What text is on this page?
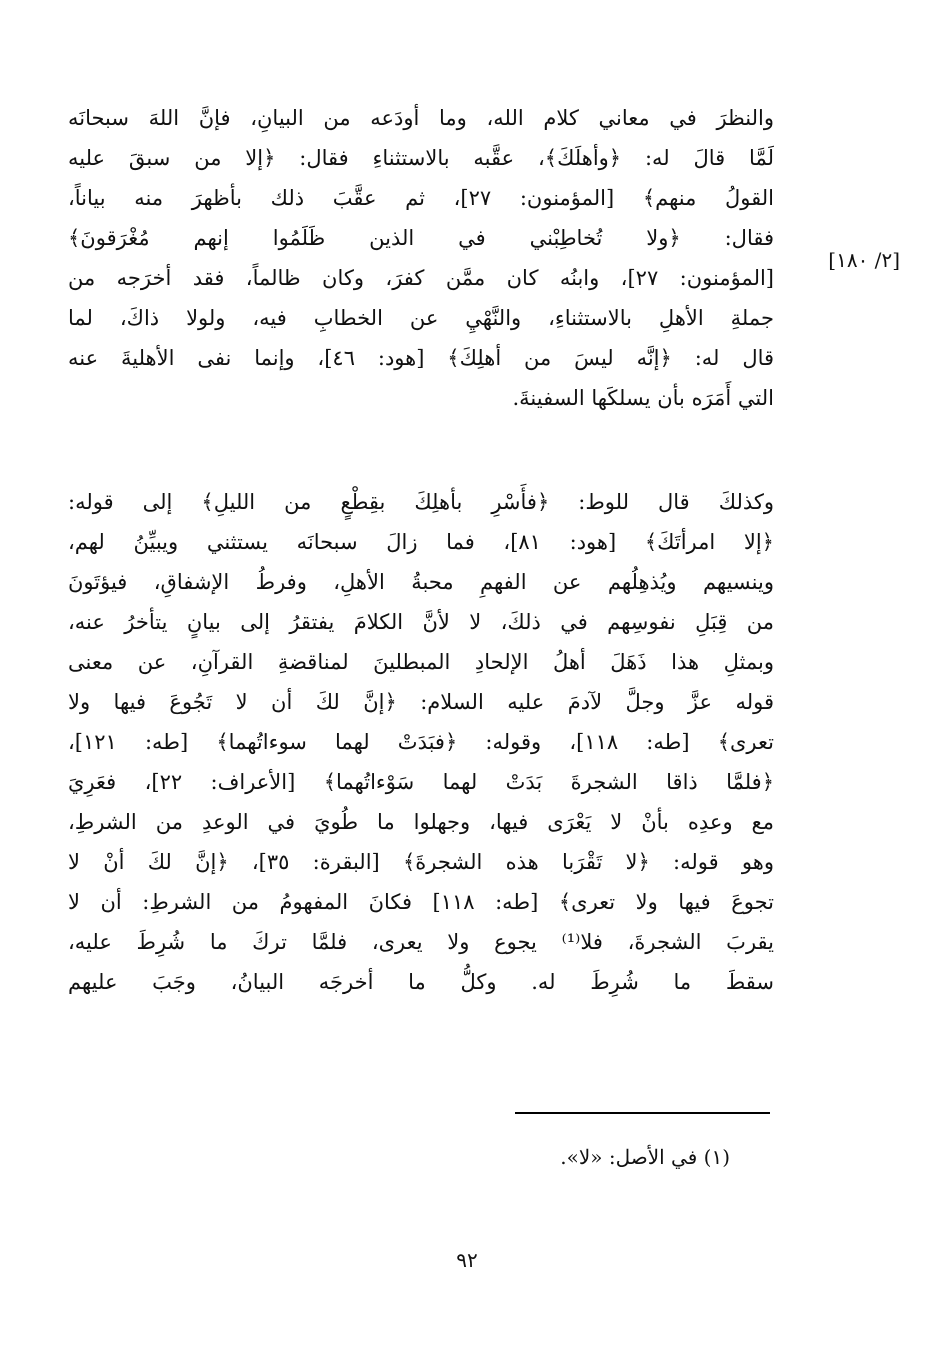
[٢/ ١٨٠]
والنظرَ في معاني كلام الله، وما أودَعه من البيانِ، فإنَّ اللهَ سبحانَه
لَمَّا قالَ له: ﴿وأهلَكَ﴾، عقَّبه بالاستثناءِ فقال: ﴿إلا من سبقَ عليه
القولُ منهم﴾ [المؤمنون: ٢٧]، ثم عقَّبَ ذلك بأظهرَ منه بياناً،
فقال: ﴿ولا تُخاطِبْني في الذين ظَلَمُوا إنهم مُغْرَقونَ﴾
[المؤمنون: ٢٧]، وابنُه كان ممَّن كفرَ، وكان ظالماً، فقد أخرَجه من
جملةِ الأهلِ بالاستثناءِ، والنَّهْيِ عن الخطابِ فيه، ولولا ذاكَ، لما
قال له: ﴿إنَّه ليسَ من أهلِكَ﴾ [هود: ٤٦]، وإنما نفى الأهليةَ عنه
التي أَمَرَه بأن يسلكَها السفينةَ.
وكذلكَ قال للوط: ﴿فأَسْرِ بأهلِكَ بقِطْعٍ من الليلِ﴾ إلى قوله:
﴿إلا امرأتَكَ﴾ [هود: ٨١]، فما زالَ سبحانَه يستثني ويبيِّنُ لهم،
وينسيهم ويُذهِلُهم عن الفهمِ محبةُ الأهلِ، وفرطُ الإشفاقِ، فيؤتَونَ
من قِبَلِ نفوسِهم في ذلكَ، لا لأنَّ الكلامَ يفتقرُ إلى بيانٍ يتأخرُ عنه،
وبمثلِ هذا ذَهَلَ أهلُ الإلحادِ المبطلينَ لمناقضةِ القرآنِ، عن معنى
قوله عزَّ وجلَّ لآدمَ عليه السلام: ﴿إنَّ لكَ أن لا تَجُوعَ فيها ولا
تعرى﴾ [طه: ١١٨]، وقوله: ﴿فبَدَتْ لهما سوءاتُهما﴾ [طه: ١٢١]،
﴿فلمَّا ذاقا الشجرةَ بَدَتْ لهما سَوْءاتُهما﴾ [الأعراف: ٢٢]، فعَرِيَ
مع وعدِه بأنْ لا يَعْرَى فيها، وجهلوا ما طُويَ في الوعدِ من الشرطِ،
وهو قوله: ﴿لا تَقْرَبا هذه الشجرةَ﴾ [البقرة: ٣٥]، ﴿إنَّ لكَ أنْ لا
تجوعَ فيها ولا تعرى﴾ [طه: ١١٨] فكانَ المفهومُ من الشرطِ: أن لا
يقربَ الشجرةَ، فلا⁽¹⁾ يجوع ولا يعرى، فلمَّا تركَ ما شُرِطَ عليه،
سقطَ ما شُرِطَ له. وكلُّ ما أخرجَه البيانُ، وجَبَ عليهم
(١) في الأصل: «لا».
٩٢
